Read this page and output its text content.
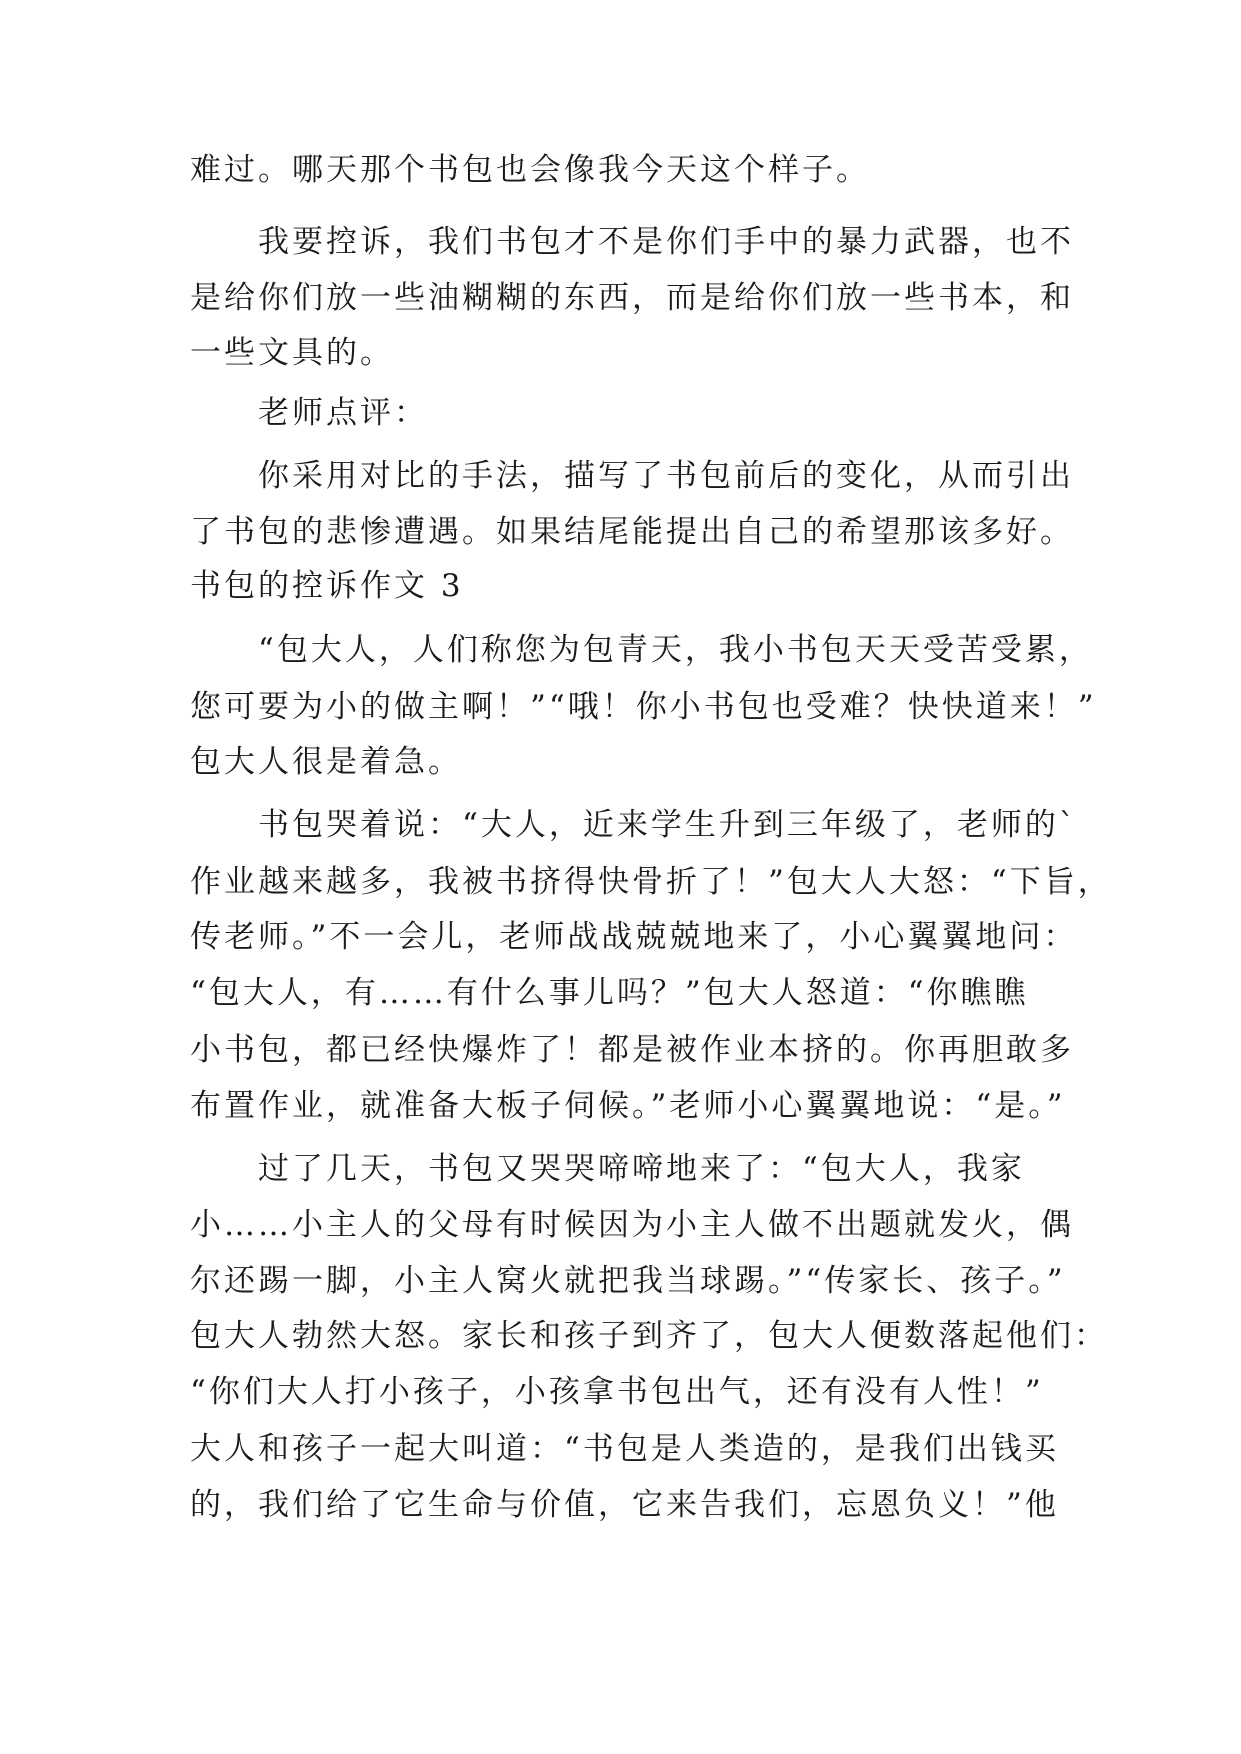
难过。哪天那个书包也会像我今天这个样子。
　　我要控诉，我们书包才不是你们手中的暴力武器，也不
是给你们放一些油糊糊的东西，而是给你们放一些书本，和
一些文具的。
　　老师点评：
　　你采用对比的手法，描写了书包前后的变化，从而引出
了书包的悲惨遭遇。如果结尾能提出自己的希望那该多好。
书包的控诉作文 3
　　“包大人，人们称您为包青天，我小书包天天受苦受累，
您可要为小的做主啊！”“哦！你小书包也受难？快快道来！”
包大人很是着急。
　　书包哭着说：“大人，近来学生升到三年级了，老师的`
作业越来越多，我被书挤得快骨折了！”包大人大怒：“下旨，
传老师。”不一会儿，老师战战兢兢地来了，小心翼翼地问：
“包大人，有……有什么事儿吗？”包大人怒道：“你瞧瞧
小书包，都已经快爆炸了！都是被作业本挤的。你再胆敢多
布置作业，就准备大板子伺候。”老师小心翼翼地说：“是。”
　　过了几天，书包又哭哭啼啼地来了：“包大人，我家
小……小主人的父母有时候因为小主人做不出题就发火，偶
尔还踢一脚，小主人窝火就把我当球踢。”“传家长、孩子。”
包大人勃然大怒。家长和孩子到齐了，包大人便数落起他们：
“你们大人打小孩子，小孩拿书包出气，还有没有人性！”
大人和孩子一起大叫道：“书包是人类造的，是我们出钱买
的，我们给了它生命与价值，它来告我们，忘恩负义！”他
